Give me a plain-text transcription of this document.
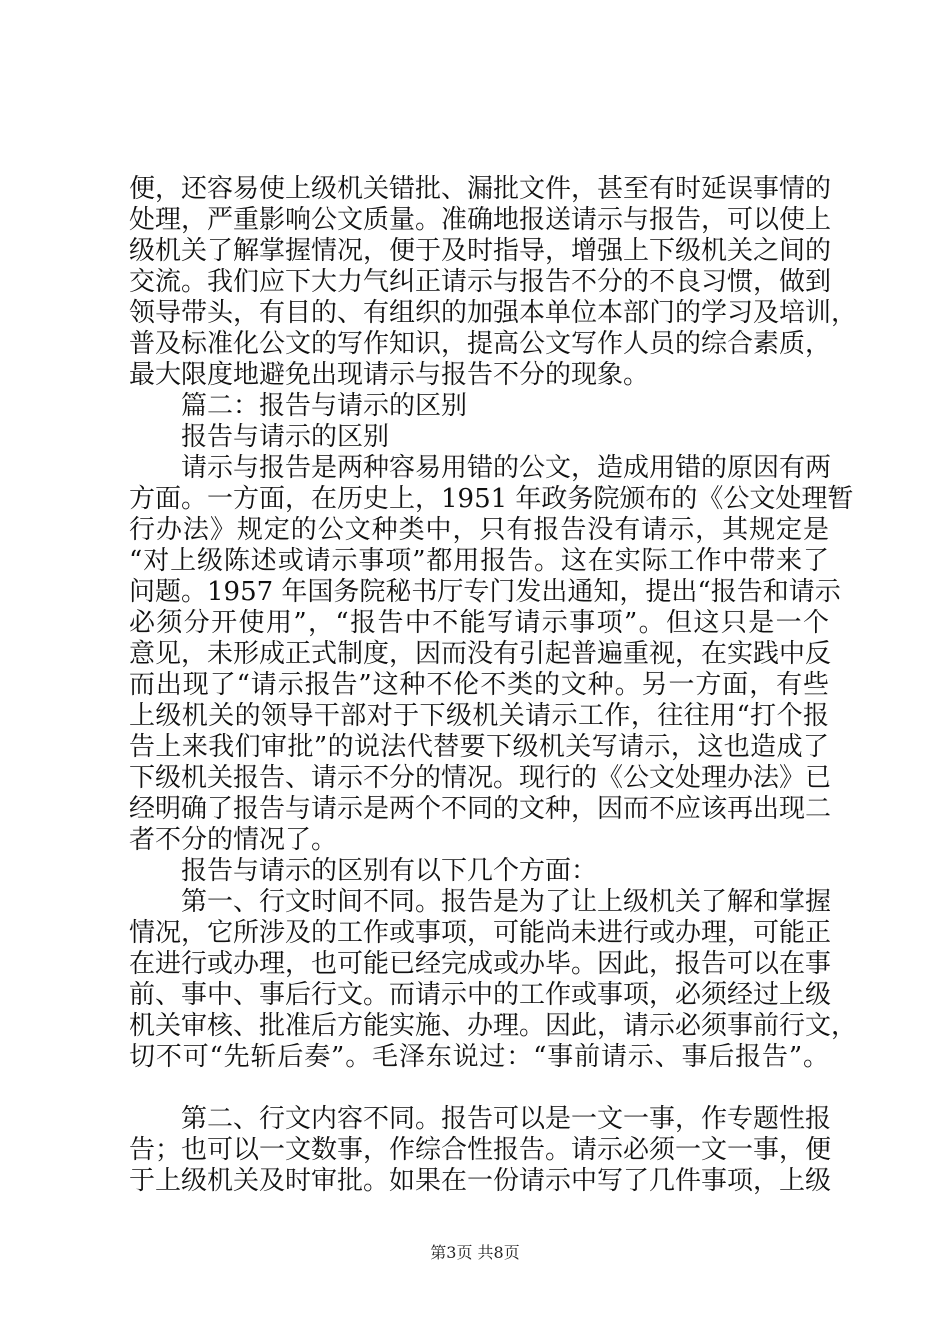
便，还容易使上级机关错批、漏批文件，甚至有时延误事情的
处理，严重影响公文质量。准确地报送请示与报告，可以使上
级机关了解掌握情况，便于及时指导，增强上下级机关之间的
交流。我们应下大力气纠正请示与报告不分的不良习惯，做到
领导带头，有目的、有组织的加强本单位本部门的学习及培训，
普及标准化公文的写作知识，提高公文写作人员的综合素质，
最大限度地避免出现请示与报告不分的现象。
篇二：报告与请示的区别
报告与请示的区别
请示与报告是两种容易用错的公文，造成用错的原因有两
方面。一方面，在历史上，1951 年政务院颁布的《公文处理暂
行办法》规定的公文种类中，只有报告没有请示，其规定是
“对上级陈述或请示事项”都用报告。这在实际工作中带来了
问题。1957 年国务院秘书厅专门发出通知，提出“报告和请示
必须分开使用”，“报告中不能写请示事项”。但这只是一个
意见，未形成正式制度，因而没有引起普遍重视，在实践中反
而出现了“请示报告”这种不伦不类的文种。另一方面，有些
上级机关的领导干部对于下级机关请示工作，往往用“打个报
告上来我们审批”的说法代替要下级机关写请示，这也造成了
下级机关报告、请示不分的情况。现行的《公文处理办法》已
经明确了报告与请示是两个不同的文种，因而不应该再出现二
者不分的情况了。
报告与请示的区别有以下几个方面：
第一、行文时间不同。报告是为了让上级机关了解和掌握
情况，它所涉及的工作或事项，可能尚未进行或办理，可能正
在进行或办理，也可能已经完成或办毕。因此，报告可以在事
前、事中、事后行文。而请示中的工作或事项，必须经过上级
机关审核、批准后方能实施、办理。因此，请示必须事前行文，
切不可“先斩后奏”。毛泽东说过：“事前请示、事后报告”。
第二、行文内容不同。报告可以是一文一事，作专题性报
告；也可以一文数事，作综合性报告。请示必须一文一事，便
于上级机关及时审批。如果在一份请示中写了几件事项，上级
第3页 共8页
